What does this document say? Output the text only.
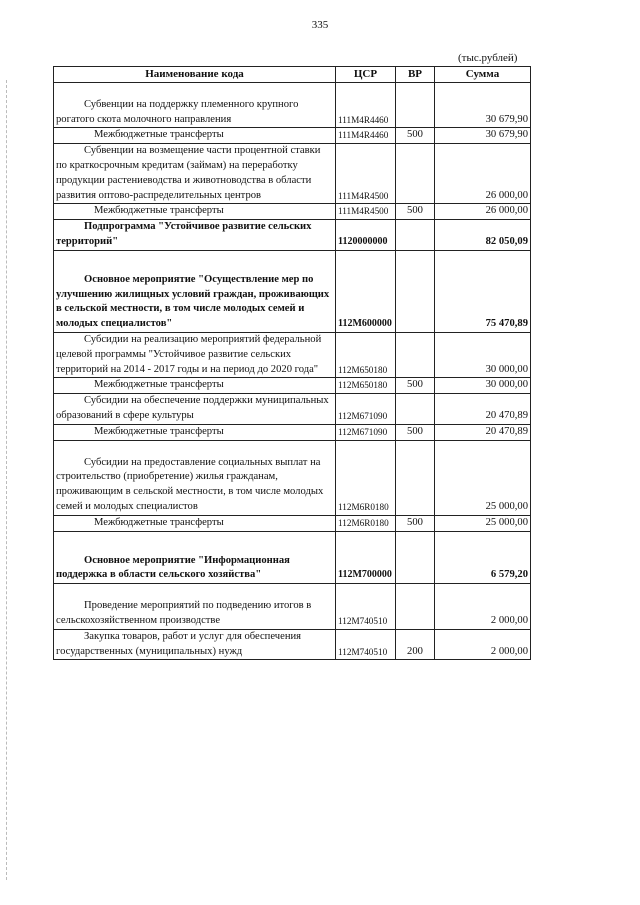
335
(тыс.рублей)
Наименование кода	ЦСР	ВР	Сумма

Субвенции на поддержку племенного крупного рогатого скота молочного направления	111M4R4460		30 679,90
Межбюджетные трансферты	111M4R4460	500	30 679,90

Субвенции на возмещение части процентной ставки по краткосрочным кредитам (займам) на переработку продукции растениеводства и животноводства в области развития оптово-распределительных центров	111M4R4500		26 000,00
Межбюджетные трансферты	111M4R4500	500	26 000,00

Подпрограмма "Устойчивое развитие сельских территорий"	1120000000		82 050,09

Основное мероприятие "Осуществление мер по улучшению жилищных условий граждан, проживающих в сельской местности, в том числе молодых семей и молодых специалистов"	112M600000		75 470,89

Субсидии на реализацию мероприятий федеральной целевой программы "Устойчивое развитие сельских территорий на 2014 - 2017 годы и на период до 2020 года"	112M650180		30 000,00
Межбюджетные трансферты	112M650180	500	30 000,00

Субсидии на обеспечение поддержки муниципальных образований в сфере культуры	112M671090		20 470,89
Межбюджетные трансферты	112M671090	500	20 470,89

Субсидии на предоставление социальных выплат на строительство (приобретение) жилья гражданам, проживающим в сельской местности, в том числе молодых семей и молодых специалистов	112M6R0180		25 000,00
Межбюджетные трансферты	112M6R0180	500	25 000,00

Основное мероприятие "Информационная поддержка в области сельского хозяйства"	112M700000		6 579,20

Проведение мероприятий по подведению итогов в сельскохозяйственном производстве	112M740510		2 000,00

Закупка товаров, работ и услуг для обеспечения государственных (муниципальных) нужд	112M740510	200	2 000,00
